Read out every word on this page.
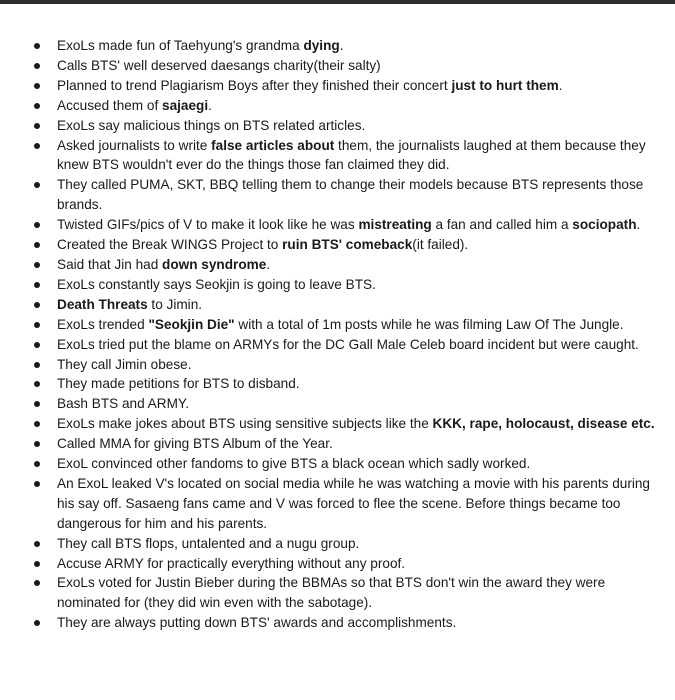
ExoLs made fun of Taehyung's grandma dying.
Calls BTS' well deserved daesangs charity(their salty)
Planned to trend Plagiarism Boys after they finished their concert just to hurt them.
Accused them of sajaegi.
ExoLs say malicious things on BTS related articles.
Asked journalists to write false articles about them, the journalists laughed at them because they knew BTS wouldn't ever do the things those fan claimed they did.
They called PUMA, SKT, BBQ telling them to change their models because BTS represents those brands.
Twisted GIFs/pics of V to make it look like he was mistreating a fan and called him a sociopath.
Created the Break WINGS Project to ruin BTS' comeback(it failed).
Said that Jin had down syndrome.
ExoLs constantly says Seokjin is going to leave BTS.
Death Threats to Jimin.
ExoLs trended "Seokjin Die" with a total of 1m posts while he was filming Law Of The Jungle.
ExoLs tried put the blame on ARMYs for the DC Gall Male Celeb board incident but were caught.
They call Jimin obese.
They made petitions for BTS to disband.
Bash BTS and ARMY.
ExoLs make jokes about BTS using sensitive subjects like the KKK, rape, holocaust, disease etc.
Called MMA for giving BTS Album of the Year.
ExoL convinced other fandoms to give BTS a black ocean which sadly worked.
An ExoL leaked V's located on social media while he was watching a movie with his parents during his say off. Sasaeng fans came and V was forced to flee the scene. Before things became too dangerous for him and his parents.
They call BTS flops, untalented and a nugu group.
Accuse ARMY for practically everything without any proof.
ExoLs voted for Justin Bieber during the BBMAs so that BTS don't win the award they were nominated for (they did win even with the sabotage).
They are always putting down BTS' awards and accomplishments.
